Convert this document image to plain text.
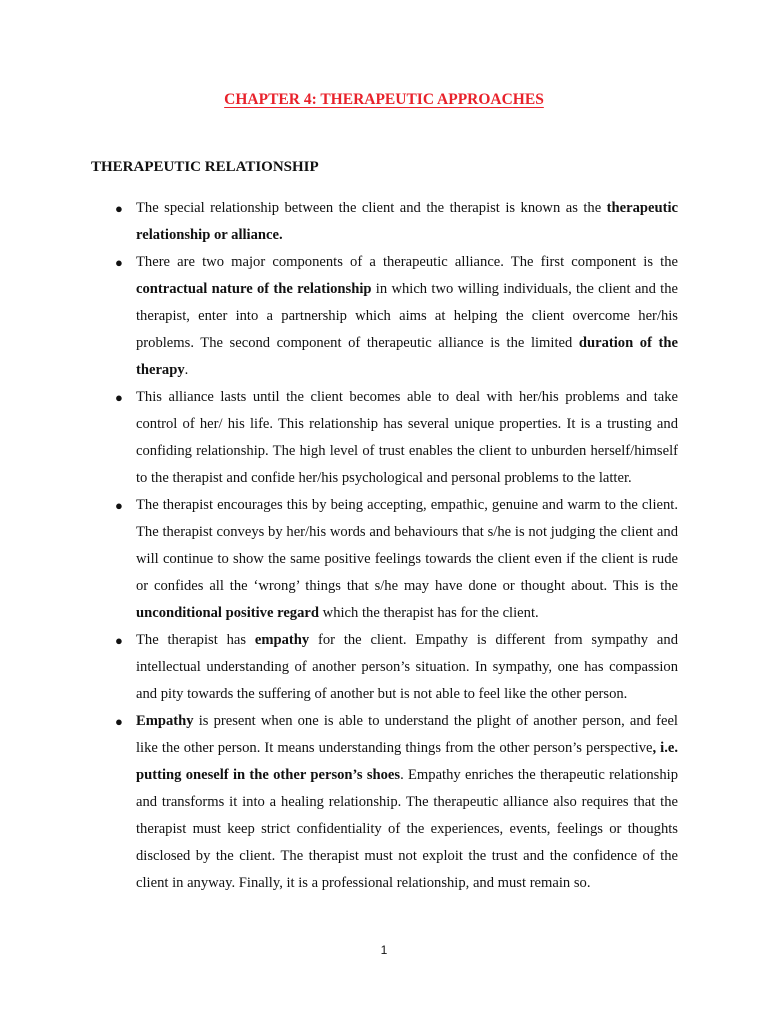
CHAPTER 4: THERAPEUTIC APPROACHES
THERAPEUTIC RELATIONSHIP
● The special relationship between the client and the therapist is known as the therapeutic relationship or alliance.
● There are two major components of a therapeutic alliance. The first component is the contractual nature of the relationship in which two willing individuals, the client and the therapist, enter into a partnership which aims at helping the client overcome her/his problems. The second component of therapeutic alliance is the limited duration of the therapy.
● This alliance lasts until the client becomes able to deal with her/his problems and take control of her/ his life. This relationship has several unique properties. It is a trusting and confiding relationship. The high level of trust enables the client to unburden herself/himself to the therapist and confide her/his psychological and personal problems to the latter.
● The therapist encourages this by being accepting, empathic, genuine and warm to the client. The therapist conveys by her/his words and behaviours that s/he is not judging the client and will continue to show the same positive feelings towards the client even if the client is rude or confides all the ‘wrong’ things that s/he may have done or thought about. This is the unconditional positive regard which the therapist has for the client.
● The therapist has empathy for the client. Empathy is different from sympathy and intellectual understanding of another person’s situation. In sympathy, one has compassion and pity towards the suffering of another but is not able to feel like the other person.
● Empathy is present when one is able to understand the plight of another person, and feel like the other person. It means understanding things from the other person’s perspective, i.e. putting oneself in the other person’s shoes. Empathy enriches the therapeutic relationship and transforms it into a healing relationship. The therapeutic alliance also requires that the therapist must keep strict confidentiality of the experiences, events, feelings or thoughts disclosed by the client. The therapist must not exploit the trust and the confidence of the client in anyway. Finally, it is a professional relationship, and must remain so.
1
